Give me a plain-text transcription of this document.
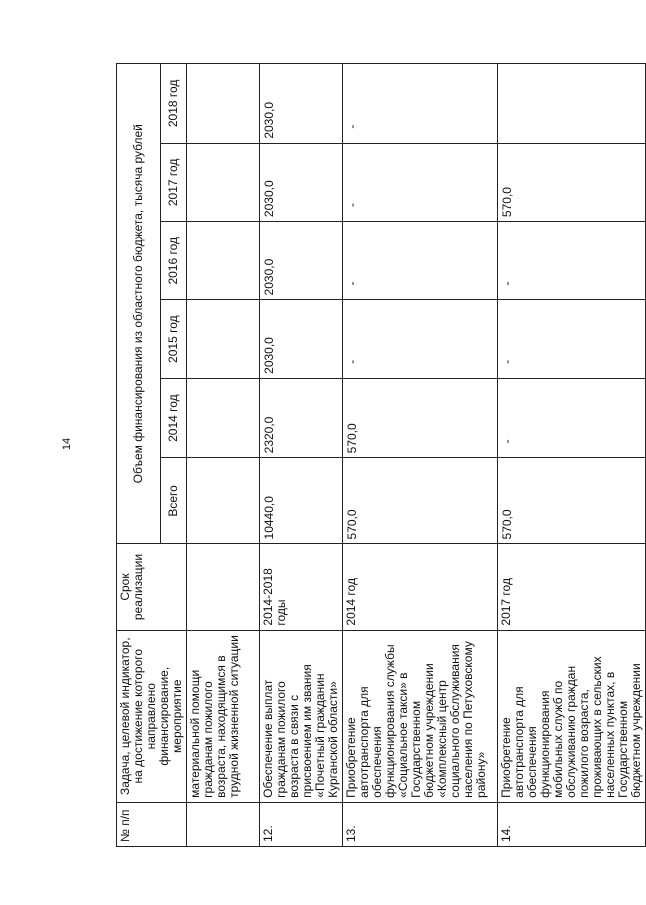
14
№ п/п	Задача, целевой индикатор, на достижение которого направлено финансирование, мероприятие	Срок реализации	Объем финансирования из областного бюджета, тысяча рублей					
			Всего	2014 год	2015 год	2016 год	2017 год	2018 год
	материальной помощи гражданам пожилого возраста, находящимся в трудной жизненной ситуации							
12.	Обеспечение выплат гражданам пожилого возраста в связи с присвоением им звания «Почетный гражданин Курганской области»	2014-2018 годы	10440,0	2320,0	2030,0	2030,0	2030,0	2030,0
13.	Приобретение автотранспорта для обеспечения функционирования службы «Социальное такси» в Государственном бюджетном учреждении «Комплексный центр социального обслуживания населения по Петуховскому району»	2014 год	570,0	570,0	-	-	-	-
14.	Приобретение автотранспорта для обеспечения функционирования мобильных служб по обслуживанию граждан пожилого возраста, проживающих в сельских населенных пунктах, в Государственном бюджетном учреждении	2017 год	570,0	-	-	-	570,0	
